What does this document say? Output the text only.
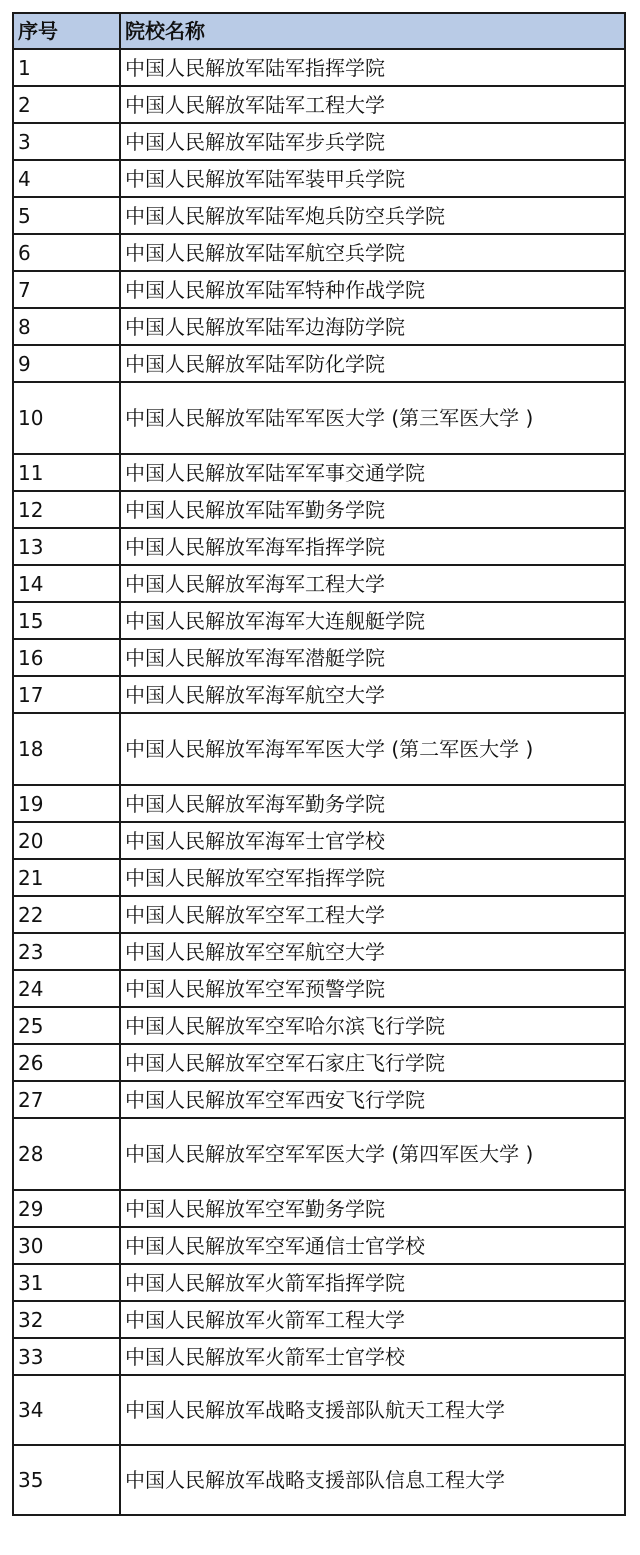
序号	院校名称
1	中国人民解放军陆军指挥学院
2	中国人民解放军陆军工程大学
3	中国人民解放军陆军步兵学院
4	中国人民解放军陆军装甲兵学院
5	中国人民解放军陆军炮兵防空兵学院
6	中国人民解放军陆军航空兵学院
7	中国人民解放军陆军特种作战学院
8	中国人民解放军陆军边海防学院
9	中国人民解放军陆军防化学院
10	中国人民解放军陆军军医大学 (第三军医大学 )
11	中国人民解放军陆军军事交通学院
12	中国人民解放军陆军勤务学院
13	中国人民解放军海军指挥学院
14	中国人民解放军海军工程大学
15	中国人民解放军海军大连舰艇学院
16	中国人民解放军海军潜艇学院
17	中国人民解放军海军航空大学
18	中国人民解放军海军军医大学 (第二军医大学 )
19	中国人民解放军海军勤务学院
20	中国人民解放军海军士官学校
21	中国人民解放军空军指挥学院
22	中国人民解放军空军工程大学
23	中国人民解放军空军航空大学
24	中国人民解放军空军预警学院
25	中国人民解放军空军哈尔滨飞行学院
26	中国人民解放军空军石家庄飞行学院
27	中国人民解放军空军西安飞行学院
28	中国人民解放军空军军医大学 (第四军医大学 )
29	中国人民解放军空军勤务学院
30	中国人民解放军空军通信士官学校
31	中国人民解放军火箭军指挥学院
32	中国人民解放军火箭军工程大学
33	中国人民解放军火箭军士官学校
34	中国人民解放军战略支援部队航天工程大学
35	中国人民解放军战略支援部队信息工程大学
